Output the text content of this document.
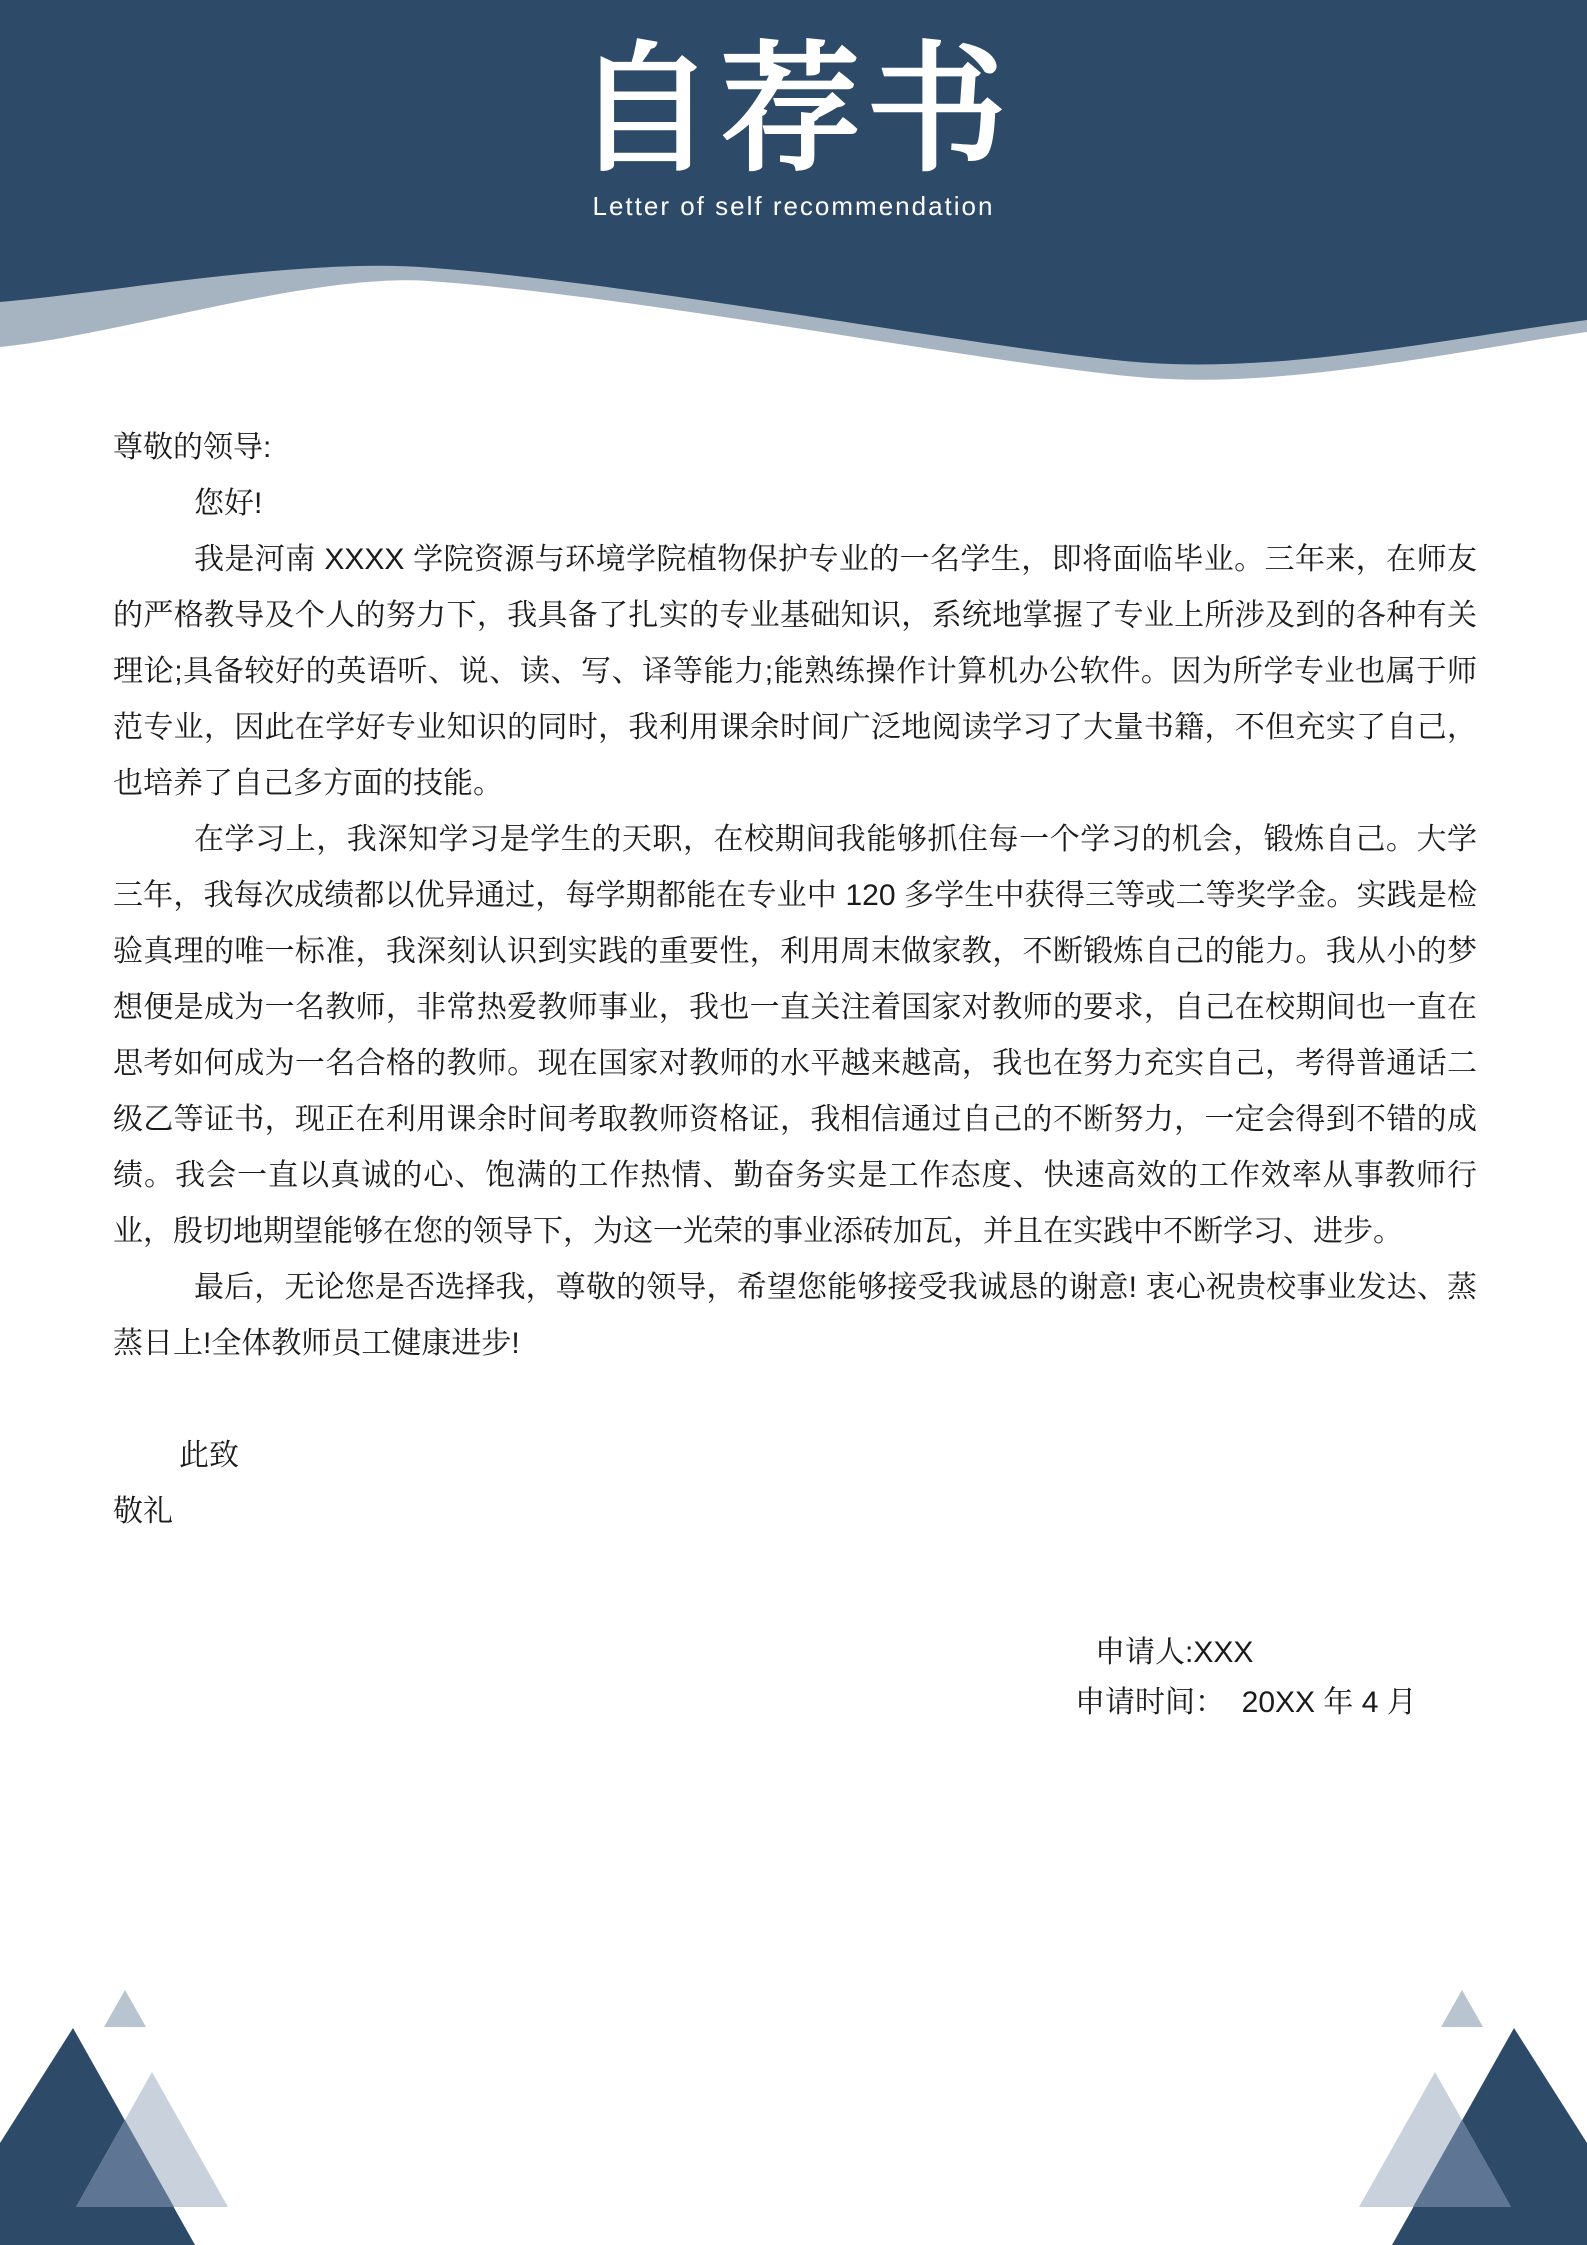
自荐书
Letter of self recommendation

尊敬的领导:

您好!

我是河南 XXXX 学院资源与环境学院植物保护专业的一名学生，即将面临毕业。三年来，在师友的严格教导及个人的努力下，我具备了扎实的专业基础知识，系统地掌握了专业上所涉及到的各种有关理论;具备较好的英语听、说、读、写、译等能力;能熟练操作计算机办公软件。因为所学专业也属于师范专业，因此在学好专业知识的同时，我利用课余时间广泛地阅读学习了大量书籍，不但充实了自己，也培养了自己多方面的技能。

在学习上，我深知学习是学生的天职，在校期间我能够抓住每一个学习的机会，锻炼自己。大学三年，我每次成绩都以优异通过，每学期都能在专业中 120 多学生中获得三等或二等奖学金。实践是检验真理的唯一标准，我深刻认识到实践的重要性，利用周末做家教，不断锻炼自己的能力。我从小的梦想便是成为一名教师，非常热爱教师事业，我也一直关注着国家对教师的要求，自己在校期间也一直在思考如何成为一名合格的教师。现在国家对教师的水平越来越高，我也在努力充实自己，考得普通话二级乙等证书，现正在利用课余时间考取教师资格证，我相信通过自己的不断努力，一定会得到不错的成绩。我会一直以真诚的心、饱满的工作热情、勤奋务实是工作态度、快速高效的工作效率从事教师行业，殷切地期望能够在您的领导下，为这一光荣的事业添砖加瓦，并且在实践中不断学习、进步。

最后，无论您是否选择我，尊敬的领导，希望您能够接受我诚恳的谢意! 衷心祝贵校事业发达、蒸蒸日上!全体教师员工健康进步!

此致

敬礼

申请人:XXX
申请时间：  20XX 年 4 月
